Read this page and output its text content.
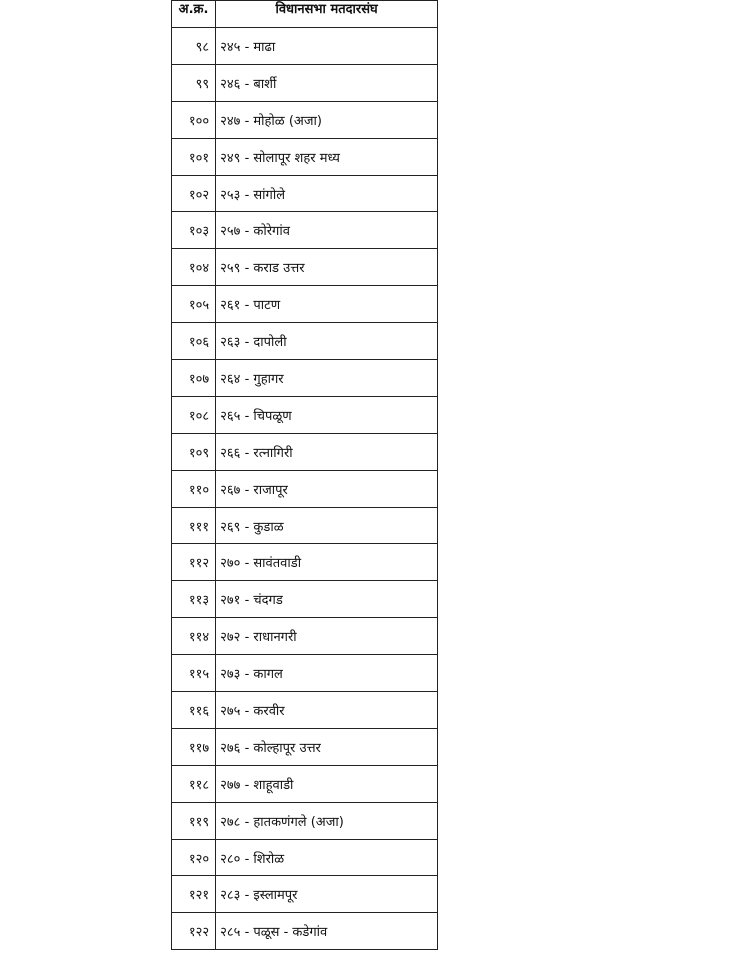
अ.क्र.	विधानसभा मतदारसंघ
९८	२४५ - माढा
९९	२४६ - बार्शी
१००	२४७ - मोहोळ (अजा)
१०१	२४९ - सोलापूर शहर मध्य
१०२	२५३ - सांगोले
१०३	२५७ - कोरेगांव
१०४	२५९ - कराड उत्तर
१०५	२६१ - पाटण
१०६	२६३ - दापोली
१०७	२६४ - गुहागर
१०८	२६५ - चिपळूण
१०९	२६६ - रत्नागिरी
११०	२६७ - राजापूर
१११	२६९ - कुडाळ
११२	२७० - सावंतवाडी
११३	२७१ - चंदगड
११४	२७२ - राधानगरी
११५	२७३ - कागल
११६	२७५ - करवीर
११७	२७६ - कोल्हापूर उत्तर
११८	२७७ - शाहूवाडी
११९	२७८ - हातकणंगले (अजा)
१२०	२८० - शिरोळ
१२१	२८३ - इस्लामपूर
१२२	२८५ - पळूस - कडेगांव
